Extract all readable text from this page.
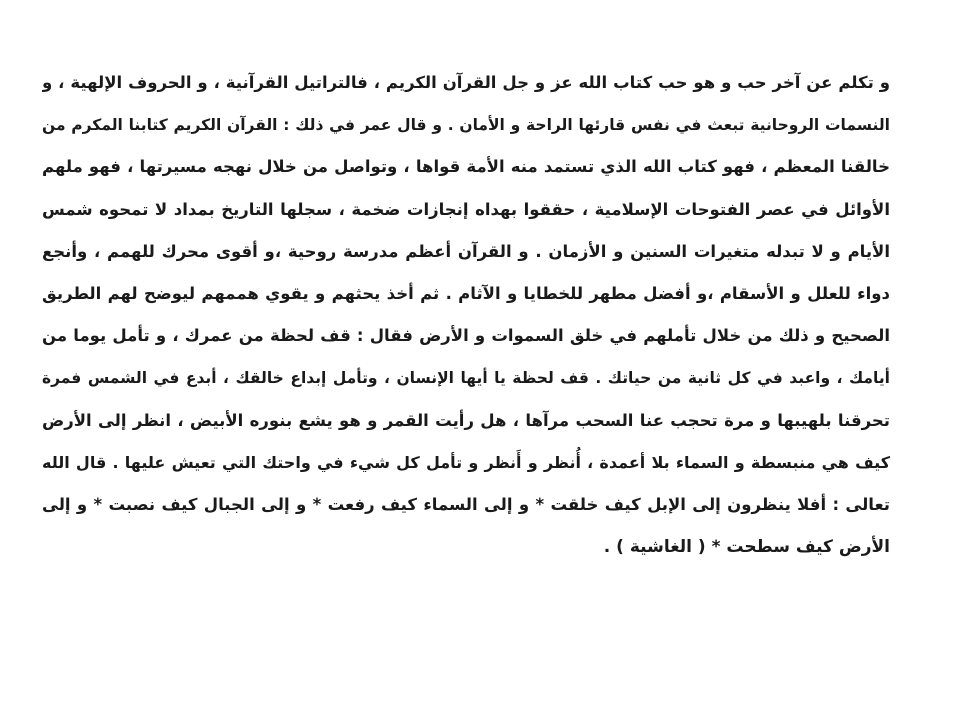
و تكلم عن آخر حب و هو حب كتاب الله عز و جل القرآن الكريم ، فالتراتيل القرآنية ، و الحروف الإلهية ، و
النسمات الروحانية تبعث في نفس قارئها الراحة و الأمان . و قال عمر في ذلك : القرآن الكريم كتابنا المكرم من
خالقنا المعظم ، فهو كتاب الله الذي تستمد منه الأمة قواها ، وتواصل من خلال نهجه مسيرتها ، فهو ملهم
الأوائل في عصر الفتوحات الإسلامية ، حققوا بهداه إنجازات ضخمة ، سجلها التاريخ بمداد لا تمحوه شمس
الأيام و لا تبدله متغيرات السنين و الأزمان . و القرآن أعظم مدرسة روحية ،و أقوى محرك للهمم ، وأنجع
دواء للعلل و الأسقام ،و أفضل مطهر للخطايا و الآثام . ثم أخذ يحثهم و يقوي هممهم ليوضح لهم الطريق
الصحيح و ذلك من خلال تأملهم في خلق السموات و الأرض فقال : قف لحظة من عمرك ، و تأمل يوما من
أيامك ، واعبد في كل ثانية من حياتك . قف لحظة يا أيها الإنسان ، وتأمل إبداع خالقك ، أبدع في الشمس فمرة
تحرقنا بلهيبها و مرة تحجب عنا السحب مرآها ، هل رأيت القمر و هو يشع بنوره الأبيض ، انظر إلى الأرض
كيف هي منبسطة و السماء بلا أعمدة ، أُنظر و أَنظر و تأمل كل شيء في واحتك التي تعيش عليها . قال الله
تعالى : أفلا ينظرون إلى الإبل كيف خلقت * و إلى السماء كيف رفعت * و إلى الجبال كيف نصبت * و إلى
الأرض كيف سطحت * ( الغاشية ) .
